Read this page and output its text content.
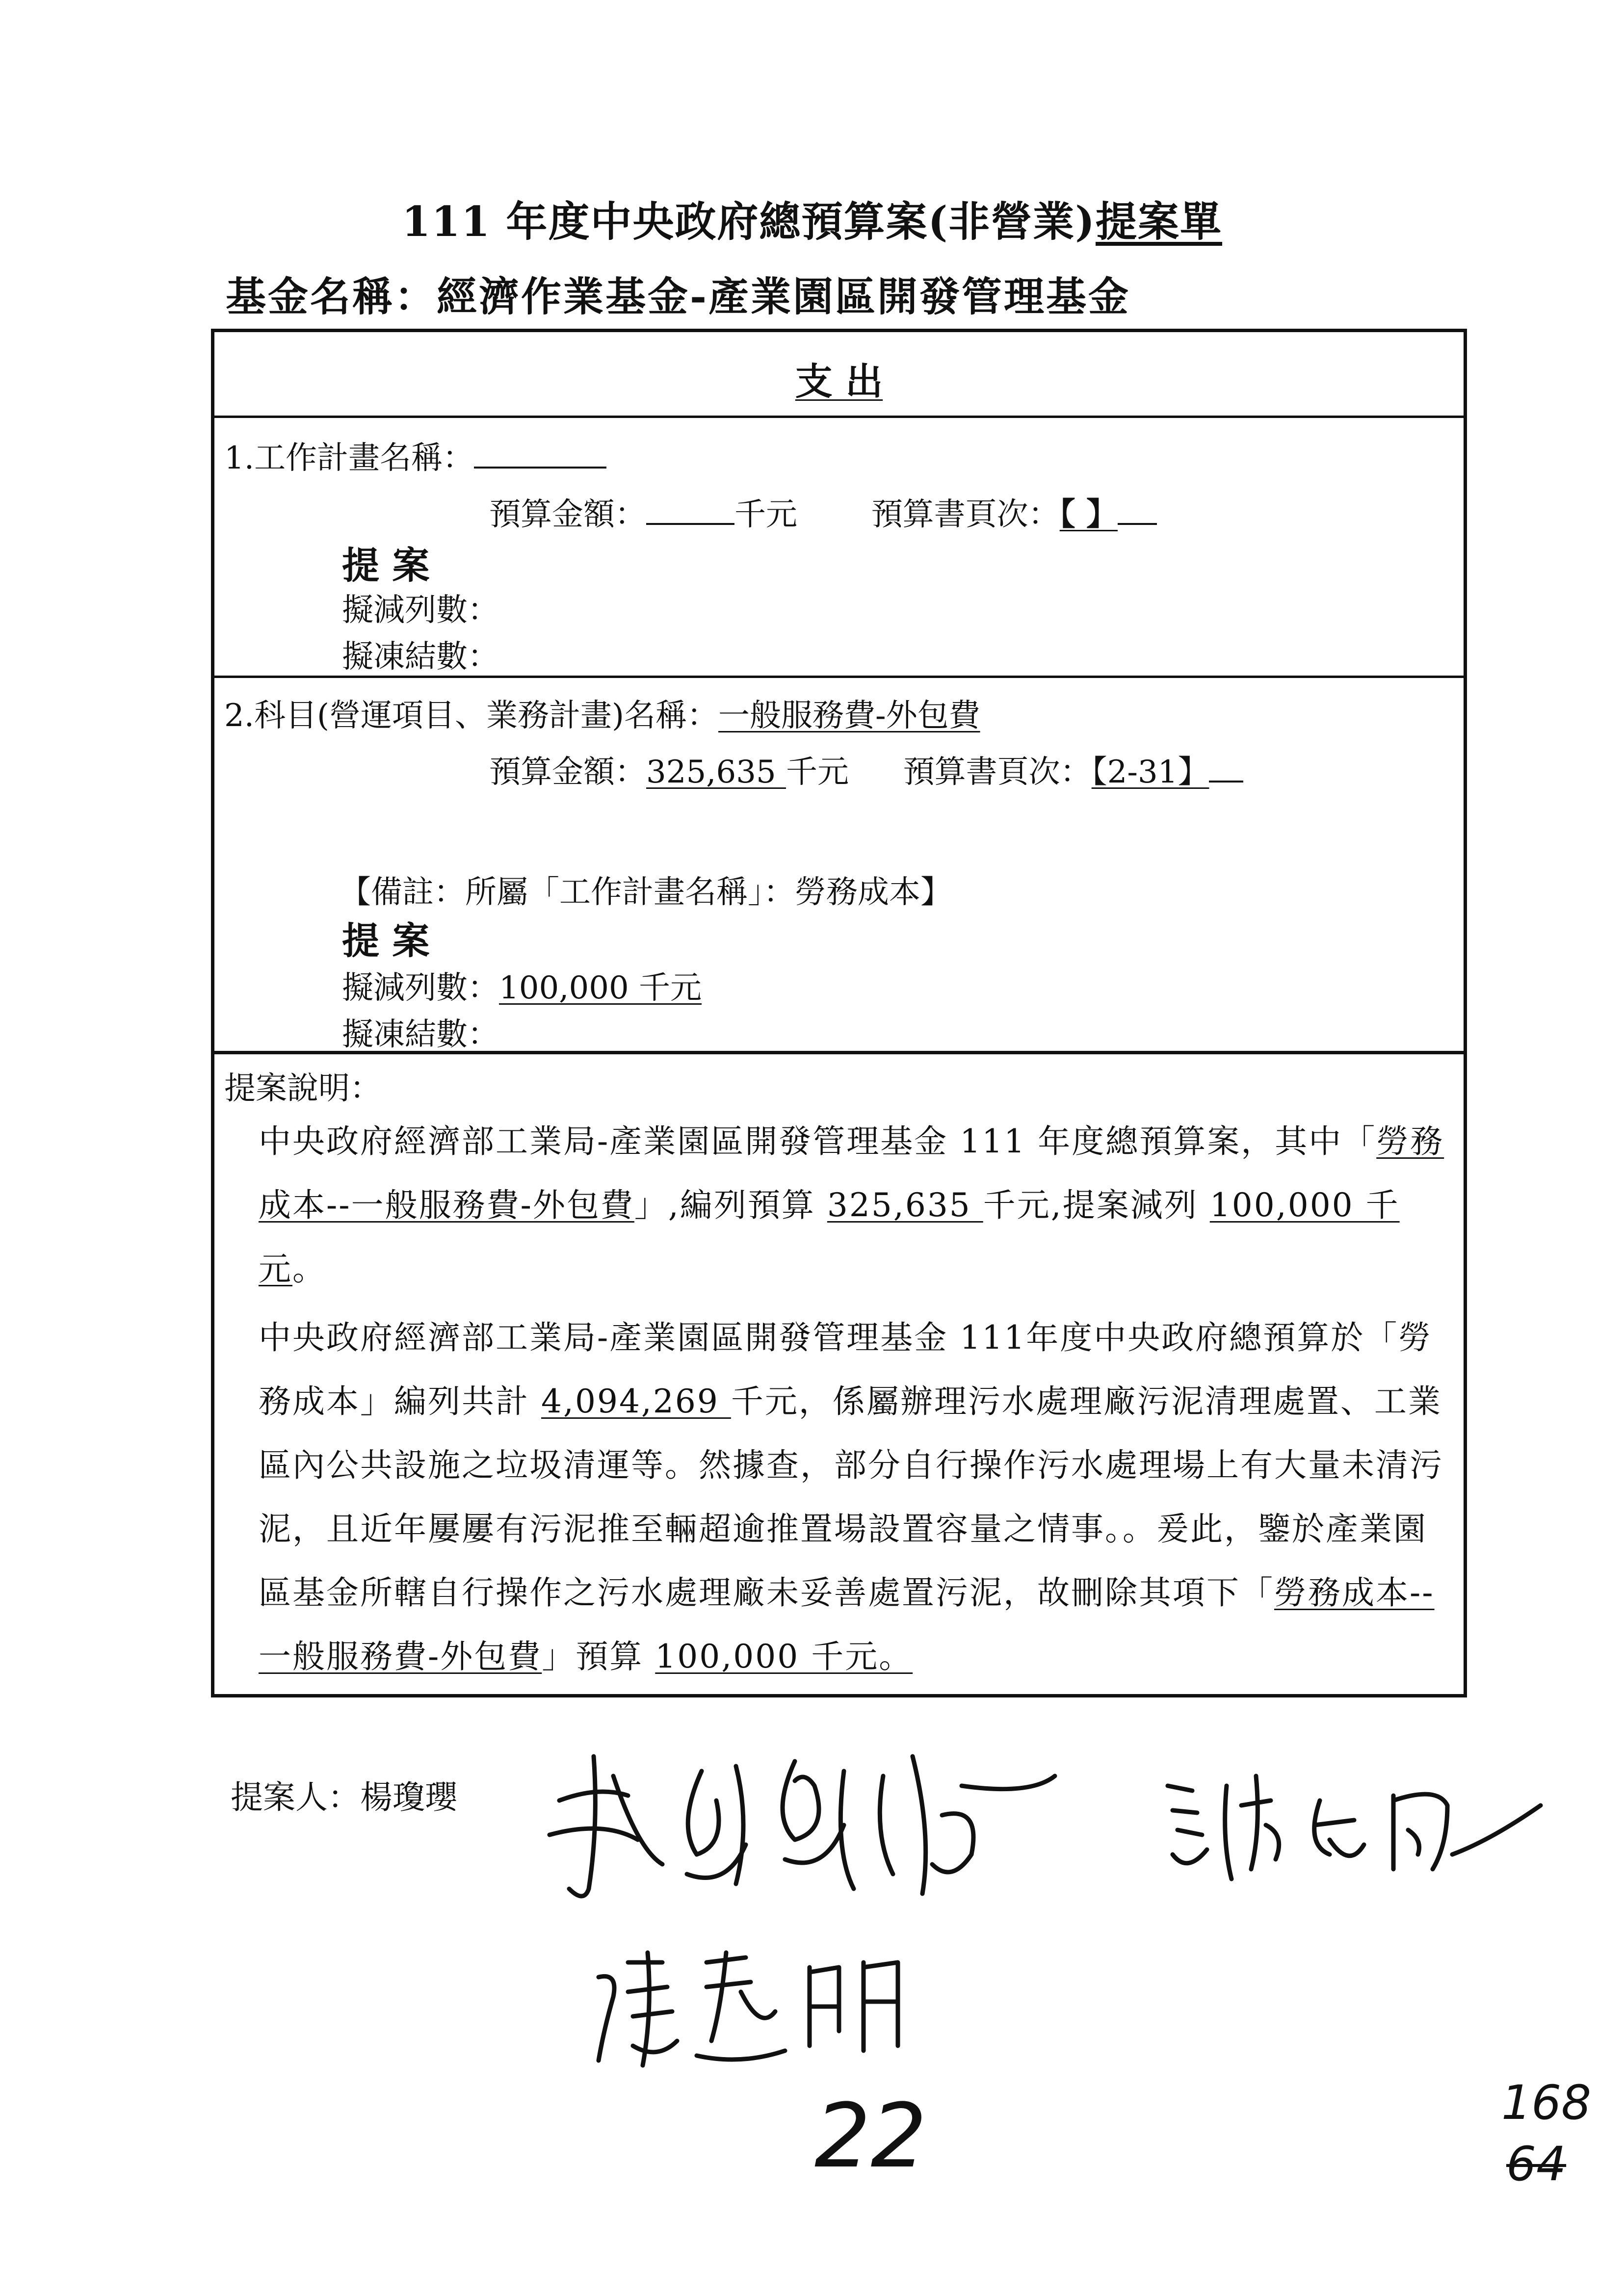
111 年度中央政府總預算案(非營業)提案單
基金名稱：經濟作業基金-產業園區開發管理基金
支 出
1.工作計畫名稱：
預算金額：	千元 預算書頁次：【 】
提 案
擬減列數：
擬凍結數：
2.科目(營運項目、業務計畫)名稱：一般服務費-外包費
預算金額：325,635 千元 預算書頁次：【2-31】
【備註：所屬「工作計畫名稱」：勞務成本】
提 案
擬減列數：100,000 千元
擬凍結數：
提案說明：
中央政府經濟部工業局-產業園區開發管理基金 111 年度總預算案，其中「勞務成本--一般服務費-外包費」,編列預算 325,635 千元,提案減列 100,000 千元。
中央政府經濟部工業局-產業園區開發管理基金 111年度中央政府總預算於「勞務成本」編列共計 4,094,269 千元，係屬辦理污水處理廠污泥清理處置、工業區內公共設施之垃圾清運等。然據查，部分自行操作污水處理場上有大量未清污泥，且近年屢屢有污泥推至輛超逾推置場設置容量之情事。。爰此，鑒於產業園區基金所轄自行操作之污水處理廠未妥善處置污泥，故刪除其項下「勞務成本--一般服務費-外包費」預算 100,000 千元。
提案人：楊瓊瓔
22	168
64
